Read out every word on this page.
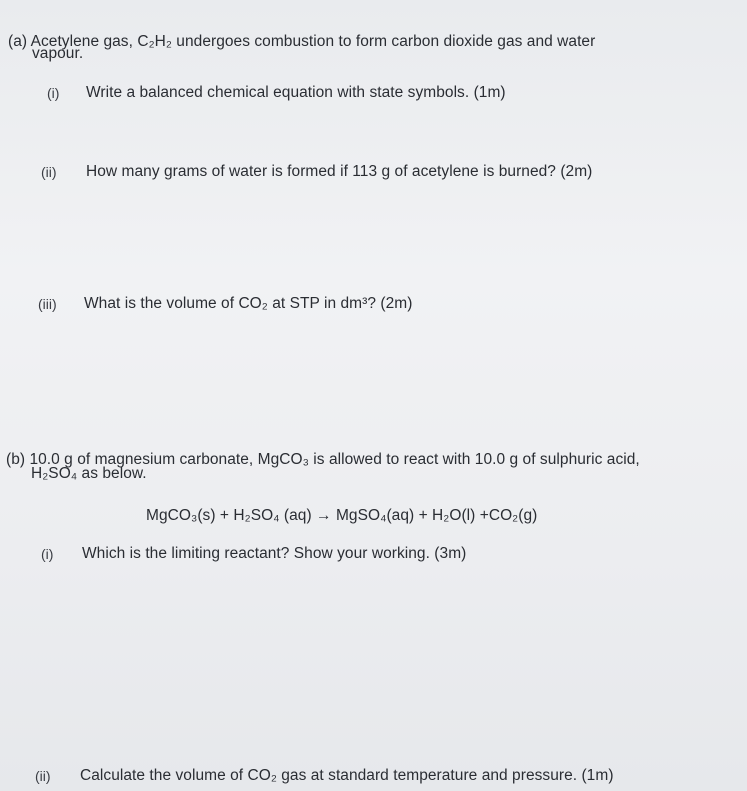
(a) Acetylene gas, C₂H₂ undergoes combustion to form carbon dioxide gas and water
vapour.
(i) Write a balanced chemical equation with state symbols. (1m)
(ii) How many grams of water is formed if 113 g of acetylene is burned? (2m)
(iii) What is the volume of CO₂ at STP in dm³? (2m)
(b) 10.0 g of magnesium carbonate, MgCO₃ is allowed to react with 10.0 g of sulphuric acid,
H₂SO₄ as below.
MgCO₃(s) + H₂SO₄ (aq) → MgSO₄(aq) + H₂O(l) +CO₂(g)
(i) Which is the limiting reactant? Show your working. (3m)
(ii) Calculate the volume of CO₂ gas at standard temperature and pressure. (1m)
